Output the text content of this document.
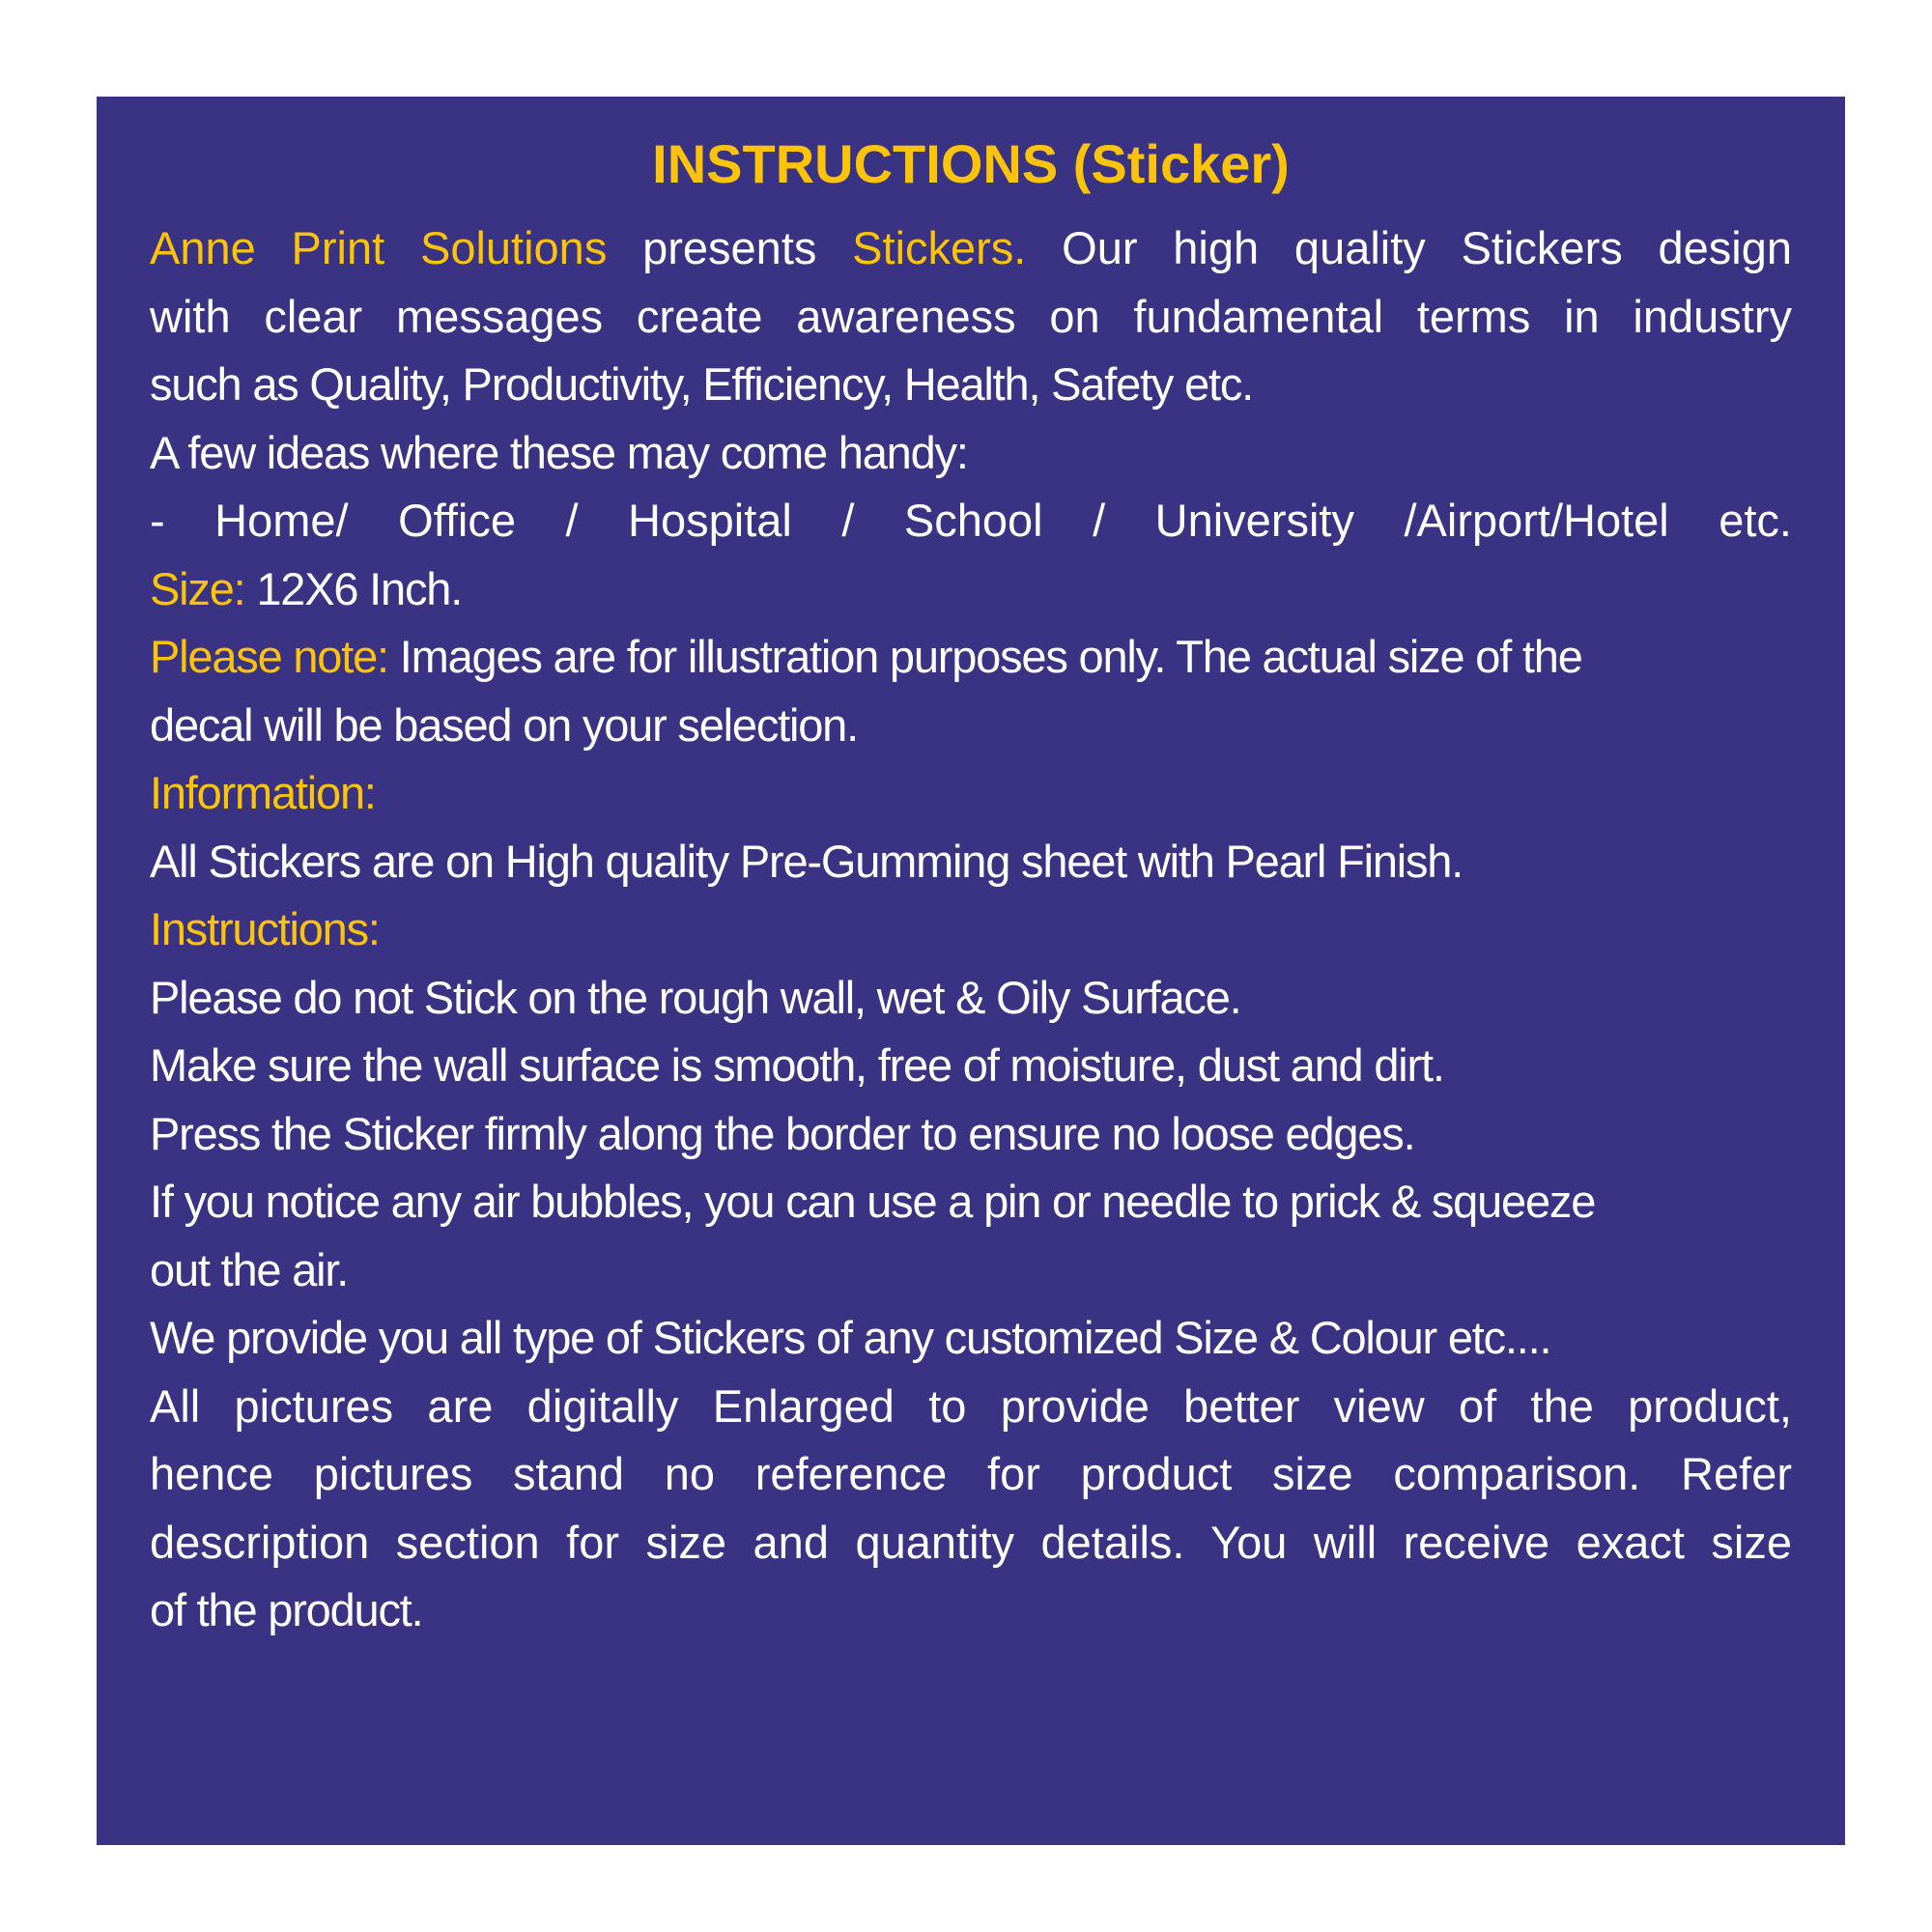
INSTRUCTIONS (Sticker)

Anne Print Solutions presents Stickers. Our high quality Stickers design

with clear messages create awareness on fundamental terms in industry

such as Quality, Productivity, Efficiency, Health, Safety etc.

A few ideas where these may come handy:

- Home/ Office / Hospital / School / University /Airport/Hotel etc.

Size: 12X6 Inch.

Please note: Images are for illustration purposes only. The actual size of the

decal will be based on your selection.

Information:

All Stickers are on High quality Pre-Gumming sheet with Pearl Finish.

Instructions:

Please do not Stick on the rough wall, wet & Oily Surface.

Make sure the wall surface is smooth, free of moisture, dust and dirt.

Press the Sticker firmly along the border to ensure no loose edges.

If you notice any air bubbles, you can use a pin or needle to prick & squeeze

out the air.

We provide you all type of Stickers of any customized Size & Colour etc....

All pictures are digitally Enlarged to provide better view of the product,

hence pictures stand no reference for product size comparison. Refer

description section for size and quantity details. You will receive exact size

of the product.
